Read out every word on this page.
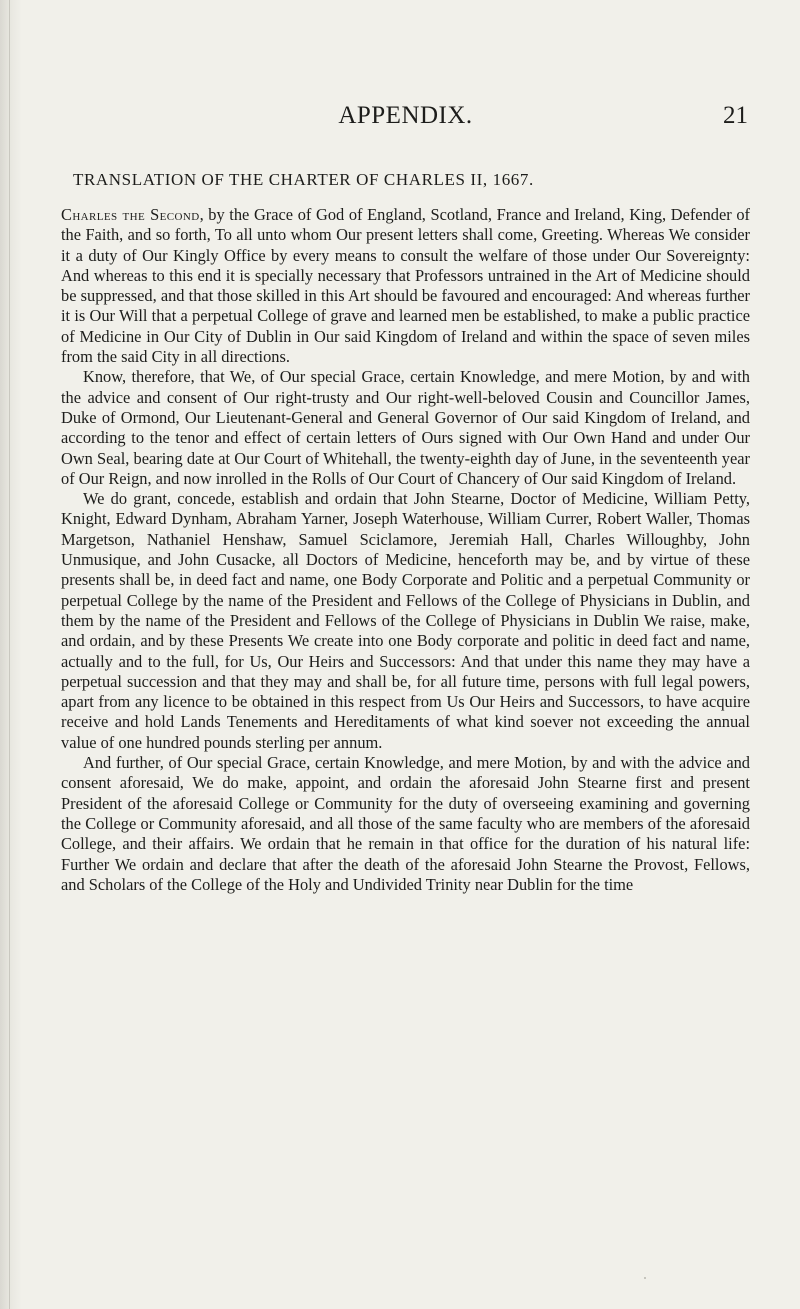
APPENDIX.	21
TRANSLATION OF THE CHARTER OF CHARLES II, 1667.

Charles the Second, by the Grace of God of England, Scotland, France and Ireland, King, Defender of the Faith, and so forth, To all unto whom Our present letters shall come, Greeting. Whereas We consider it a duty of Our Kingly Office by every means to consult the welfare of those under Our Sovereignty: And whereas to this end it is specially necessary that Professors untrained in the Art of Medicine should be suppressed, and that those skilled in this Art should be favoured and encouraged: And whereas further it is Our Will that a perpetual College of grave and learned men be established, to make a public practice of Medicine in Our City of Dublin in Our said Kingdom of Ireland and within the space of seven miles from the said City in all directions.

Know, therefore, that We, of Our special Grace, certain Knowledge, and mere Motion, by and with the advice and consent of Our right-trusty and Our right-well-beloved Cousin and Councillor James, Duke of Ormond, Our Lieutenant-General and General Governor of Our said Kingdom of Ireland, and according to the tenor and effect of certain letters of Ours signed with Our Own Hand and under Our Own Seal, bearing date at Our Court of Whitehall, the twenty-eighth day of June, in the seventeenth year of Our Reign, and now inrolled in the Rolls of Our Court of Chancery of Our said Kingdom of Ireland.

We do grant, concede, establish and ordain that John Stearne, Doctor of Medicine, William Petty, Knight, Edward Dynham, Abraham Yarner, Joseph Waterhouse, William Currer, Robert Waller, Thomas Margetson, Nathaniel Henshaw, Samuel Sciclamore, Jeremiah Hall, Charles Willoughby, John Unmusique, and John Cusacke, all Doctors of Medicine, henceforth may be, and by virtue of these presents shall be, in deed fact and name, one Body Corporate and Politic and a perpetual Community or perpetual College by the name of the President and Fellows of the College of Physicians in Dublin, and them by the name of the President and Fellows of the College of Physicians in Dublin We raise, make, and ordain, and by these Presents We create into one Body corporate and politic in deed fact and name, actually and to the full, for Us, Our Heirs and Successors: And that under this name they may have a perpetual succession and that they may and shall be, for all future time, persons with full legal powers, apart from any licence to be obtained in this respect from Us Our Heirs and Successors, to have acquire receive and hold Lands Tenements and Hereditaments of what kind soever not exceeding the annual value of one hundred pounds sterling per annum.

And further, of Our special Grace, certain Knowledge, and mere Motion, by and with the advice and consent aforesaid, We do make, appoint, and ordain the aforesaid John Stearne first and present President of the aforesaid College or Community for the duty of overseeing examining and governing the College or Community aforesaid, and all those of the same faculty who are members of the aforesaid College, and their affairs. We ordain that he remain in that office for the duration of his natural life: Further We ordain and declare that after the death of the aforesaid John Stearne the Provost, Fellows, and Scholars of the College of the Holy and Undivided Trinity near Dublin for the time
